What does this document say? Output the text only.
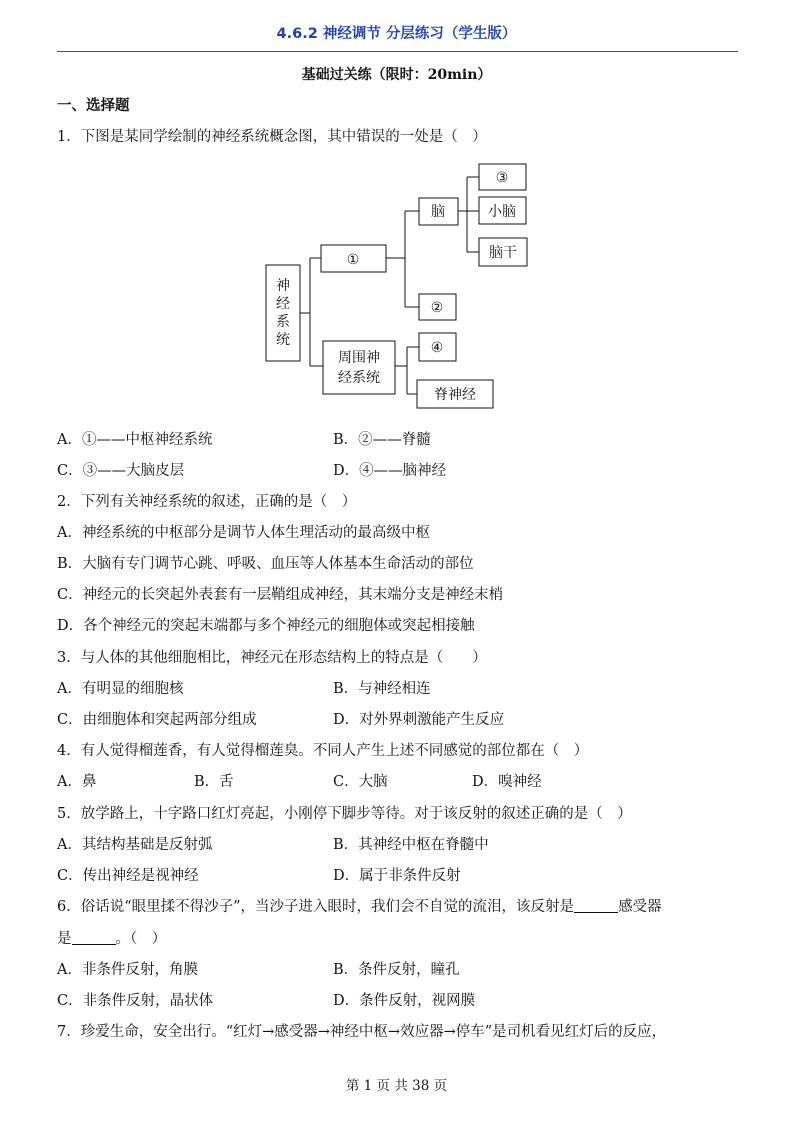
4.6.2 神经调节 分层练习（学生版）
基础过关练（限时：20min）
一、选择题
1．下图是某同学绘制的神经系统概念图，其中错误的一处是（　）
神
经
系
统
①
脑
③
小脑
脑干
②
周围神
经系统
④
脊神经
A．①——中枢神经系统	B．②——脊髓
C．③——大脑皮层	D．④——脑神经
2．下列有关神经系统的叙述，正确的是（　）
A．神经系统的中枢部分是调节人体生理活动的最高级中枢
B．大脑有专门调节心跳、呼吸、血压等人体基本生命活动的部位
C．神经元的长突起外表套有一层鞘组成神经，其末端分支是神经末梢
D．各个神经元的突起末端都与多个神经元的细胞体或突起相接触
3．与人体的其他细胞相比，神经元在形态结构上的特点是（　　）
A．有明显的细胞核	B．与神经相连
C．由细胞体和突起两部分组成	D．对外界刺激能产生反应
4．有人觉得榴莲香，有人觉得榴莲臭。不同人产生上述不同感觉的部位都在（　）
A．鼻	B．舌	C．大脑	D．嗅神经
5．放学路上，十字路口红灯亮起，小刚停下脚步等待。对于该反射的叙述正确的是（　）
A．其结构基础是反射弧	B．其神经中枢在脊髓中
C．传出神经是视神经	D．属于非条件反射
6．俗话说“眼里揉不得沙子”，当沙子进入眼时，我们会不自觉的流泪，该反射是	感受器
是	。（　）
A．非条件反射，角膜	B．条件反射，瞳孔
C．非条件反射，晶状体	D．条件反射，视网膜
7．珍爱生命，安全出行。“红灯→感受器→神经中枢→效应器→停车”是司机看见红灯后的反应，
第 1 页 共 38 页
